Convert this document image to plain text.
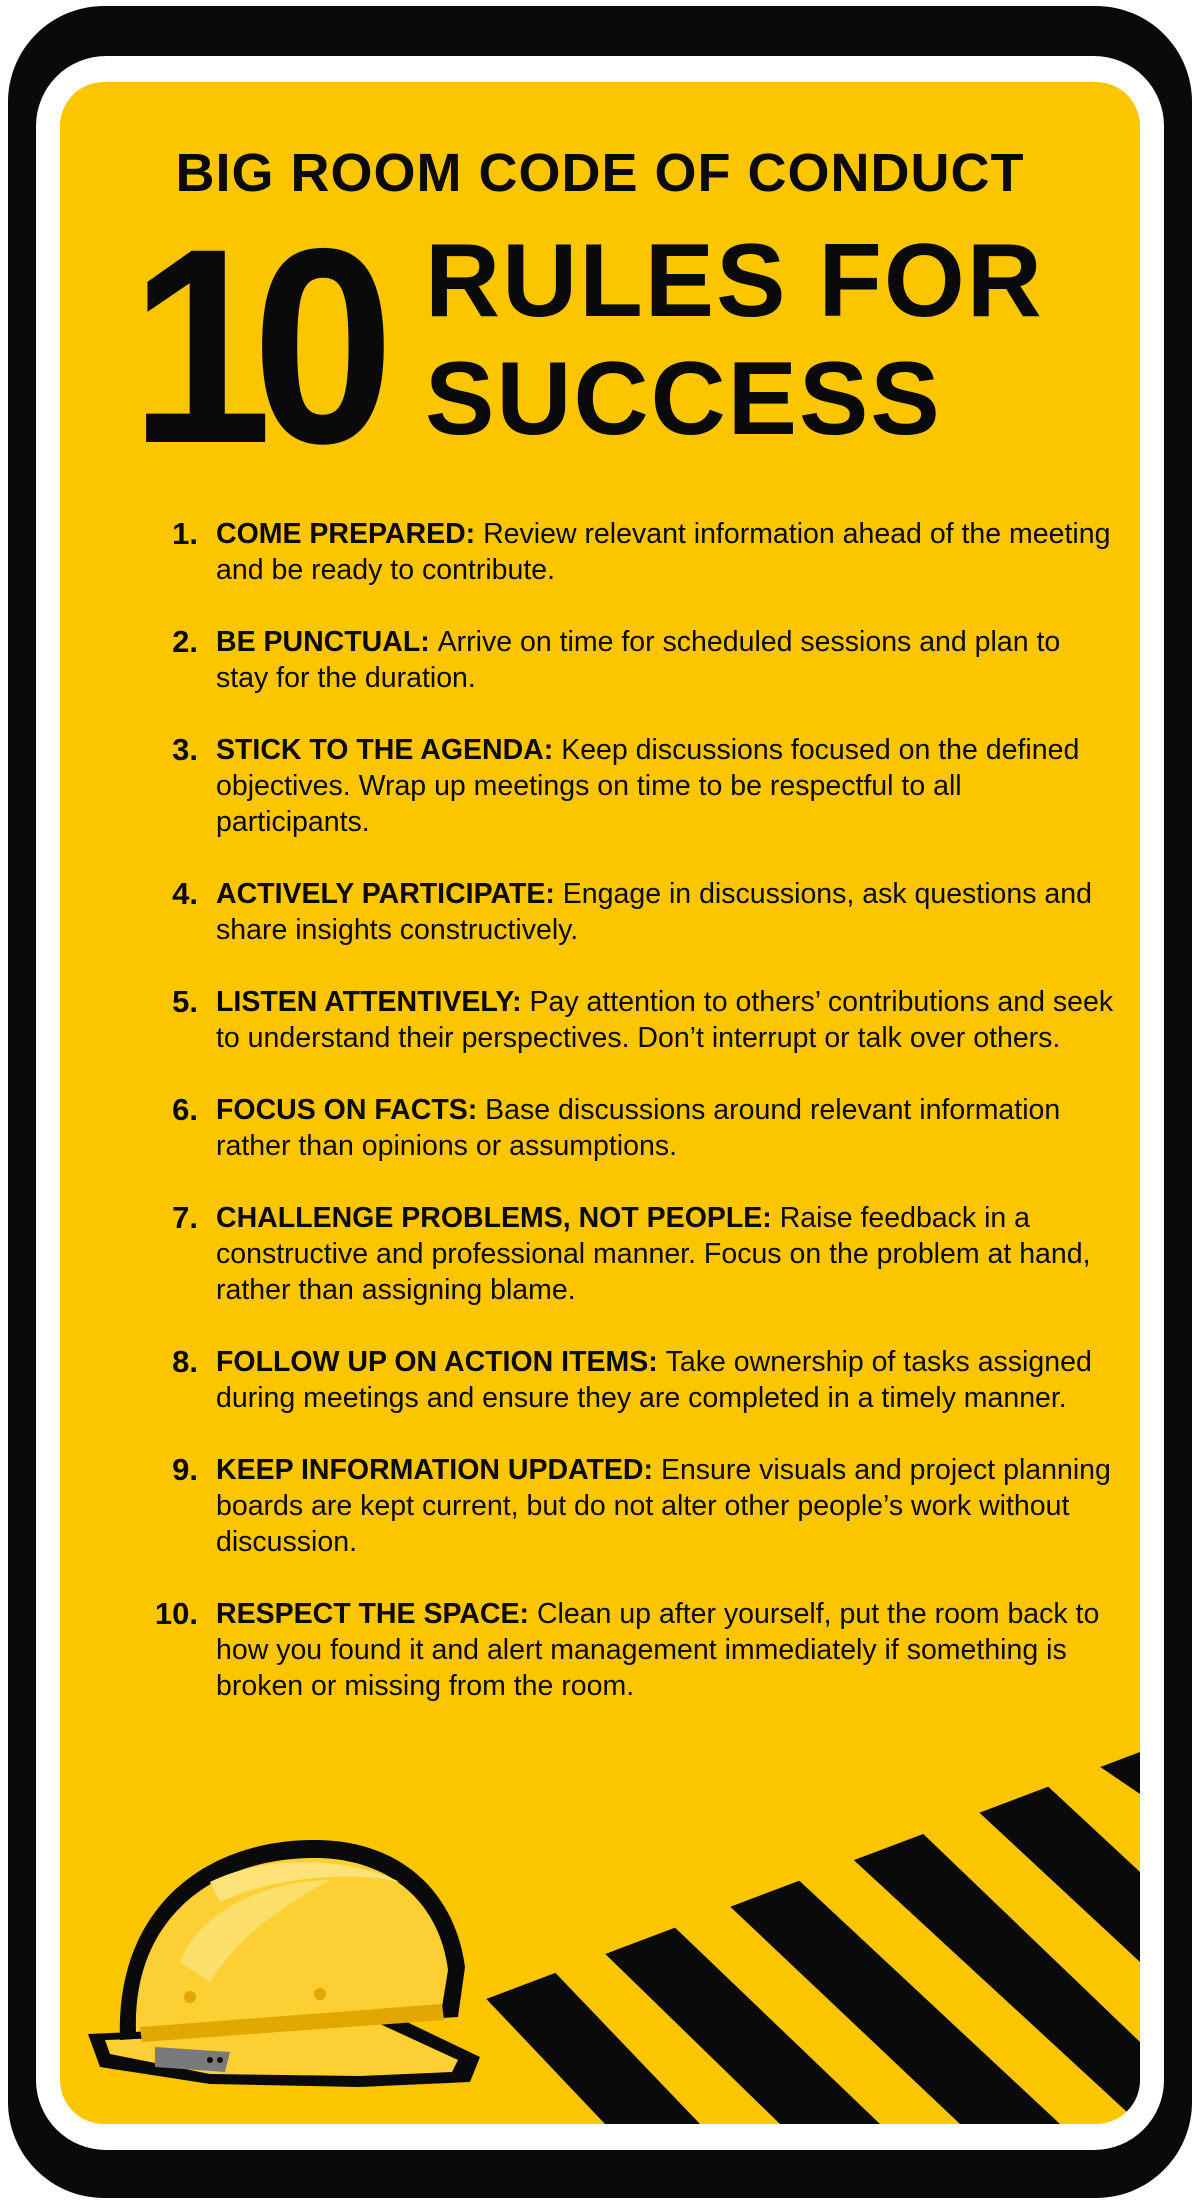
BIG ROOM CODE OF CONDUCT
10 RULES FOR
SUCCESS
1. COME PREPARED: Review relevant information ahead of the meeting and be ready to contribute.
2. BE PUNCTUAL: Arrive on time for scheduled sessions and plan to stay for the duration.
3. STICK TO THE AGENDA: Keep discussions focused on the defined objectives. Wrap up meetings on time to be respectful to all participants.
4. ACTIVELY PARTICIPATE: Engage in discussions, ask questions and share insights constructively.
5. LISTEN ATTENTIVELY: Pay attention to others’ contributions and seek to understand their perspectives. Don’t interrupt or talk over others.
6. FOCUS ON FACTS: Base discussions around relevant information rather than opinions or assumptions.
7. CHALLENGE PROBLEMS, NOT PEOPLE: Raise feedback in a constructive and professional manner. Focus on the problem at hand, rather than assigning blame.
8. FOLLOW UP ON ACTION ITEMS: Take ownership of tasks assigned during meetings and ensure they are completed in a timely manner.
9. KEEP INFORMATION UPDATED: Ensure visuals and project planning boards are kept current, but do not alter other people’s work without discussion.
10. RESPECT THE SPACE: Clean up after yourself, put the room back to how you found it and alert management immediately if something is broken or missing from the room.
